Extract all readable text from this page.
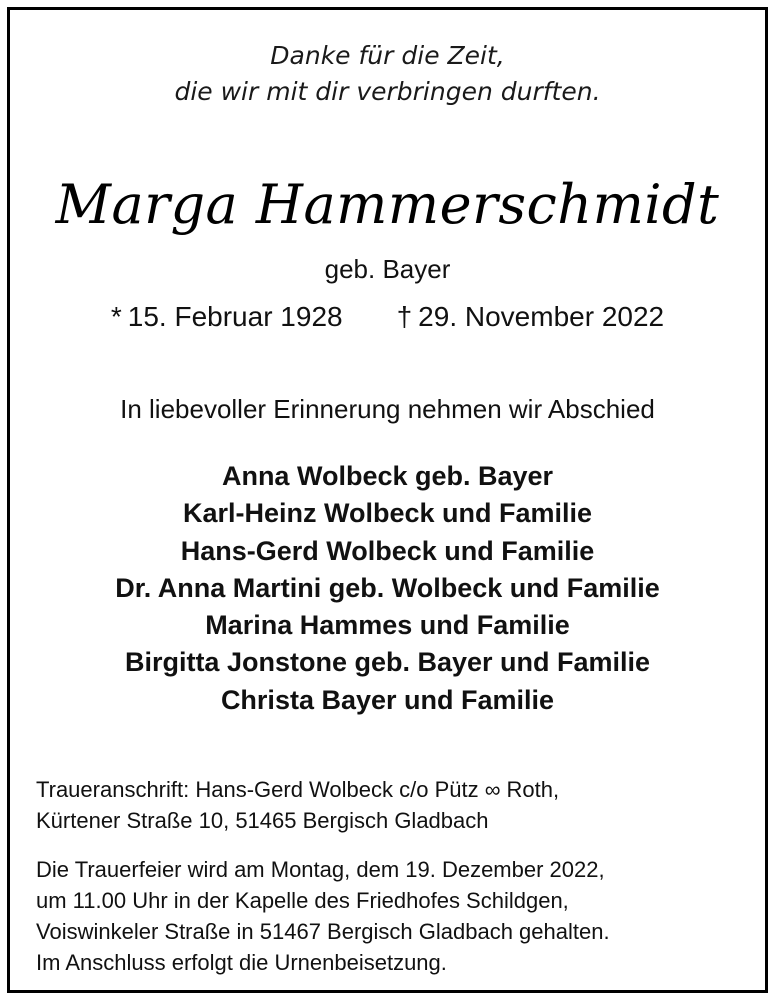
Danke für die Zeit,
die wir mit dir verbringen durften.
Marga Hammerschmidt
geb. Bayer
* 15. Februar 1928 † 29. November 2022
In liebevoller Erinnerung nehmen wir Abschied
Anna Wolbeck geb. Bayer
Karl-Heinz Wolbeck und Familie
Hans-Gerd Wolbeck und Familie
Dr. Anna Martini geb. Wolbeck und Familie
Marina Hammes und Familie
Birgitta Jonstone geb. Bayer und Familie
Christa Bayer und Familie
Traueranschrift: Hans-Gerd Wolbeck c/o Pütz ∞ Roth,
Kürtener Straße 10, 51465 Bergisch Gladbach
Die Trauerfeier wird am Montag, dem 19. Dezember 2022,
um 11.00 Uhr in der Kapelle des Friedhofes Schildgen,
Voiswinkeler Straße in 51467 Bergisch Gladbach gehalten.
Im Anschluss erfolgt die Urnenbeisetzung.
